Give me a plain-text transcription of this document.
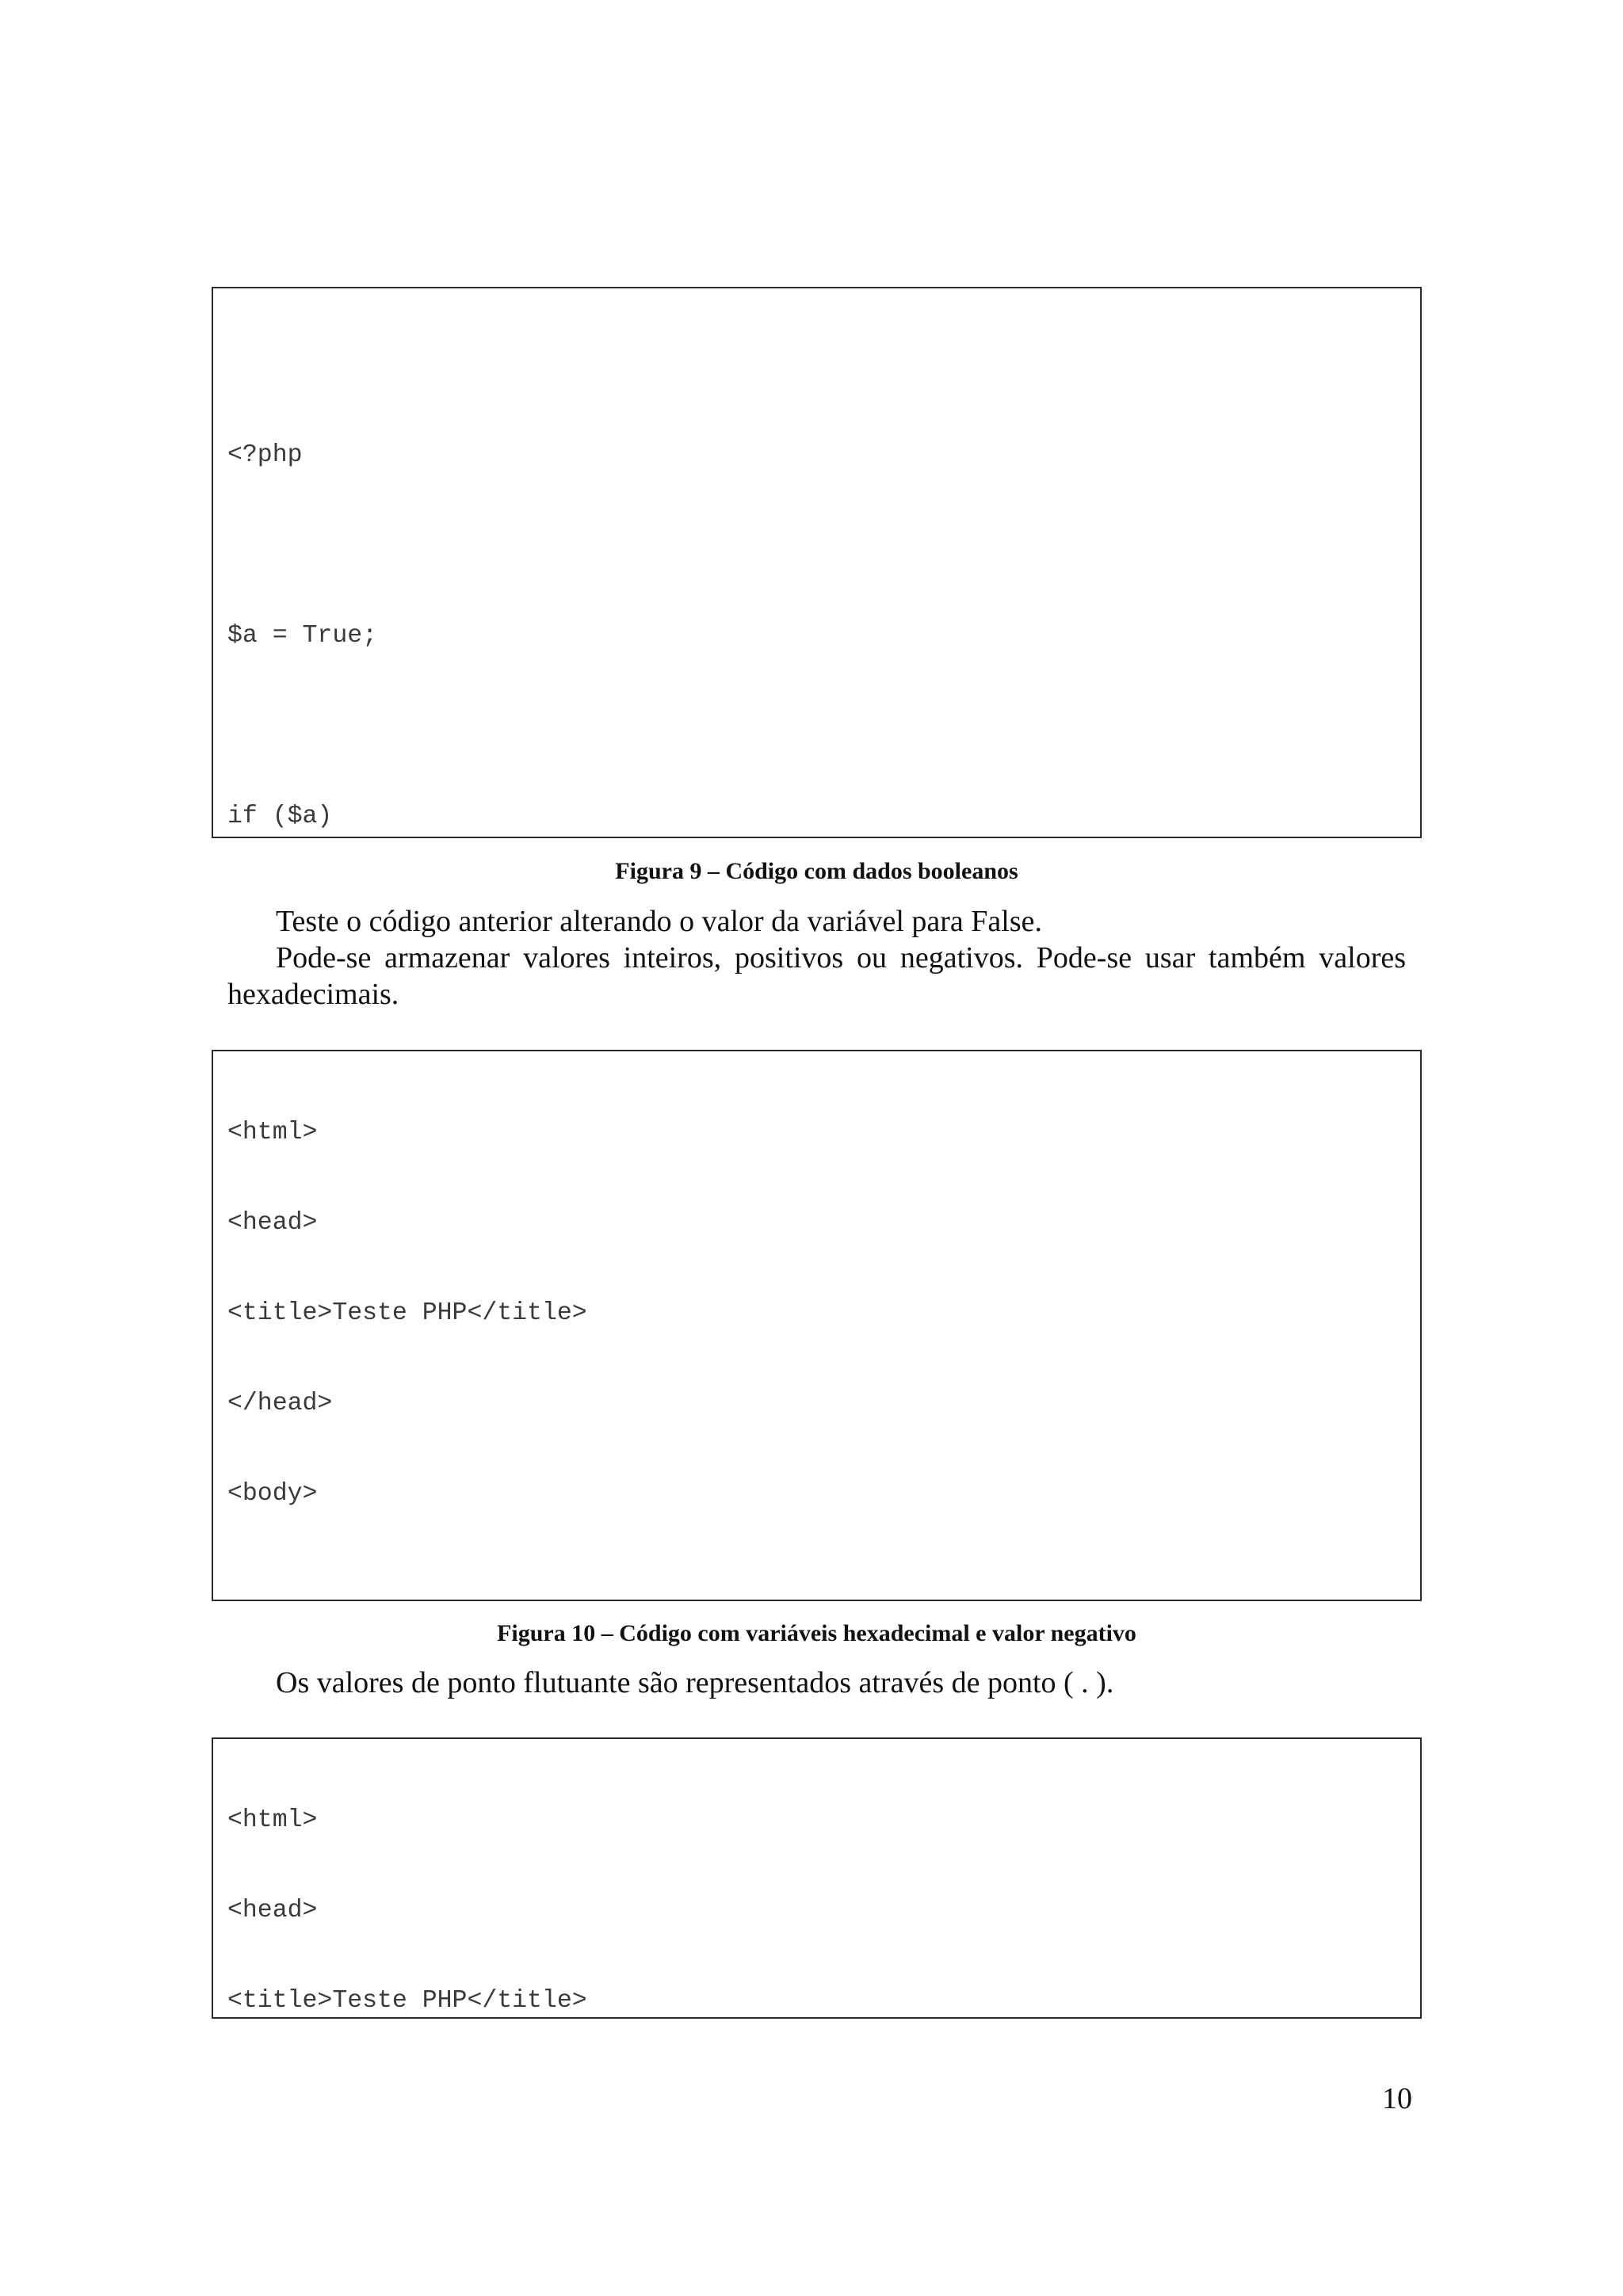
<?php

$a = True;

if ($a)

Figura 9 – Código com dados booleanos
Teste o código anterior alterando o valor da variável para False.
Pode-se armazenar valores inteiros, positivos ou negativos. Pode-se usar também valores hexadecimais.

<html>

<head>

<title>Teste PHP</title>

</head>

<body>

Figura 10 – Código com variáveis hexadecimal e valor negativo
Os valores de ponto flutuante são representados através de ponto ( . ).

<html>

<head>

<title>Teste PHP</title>

10
